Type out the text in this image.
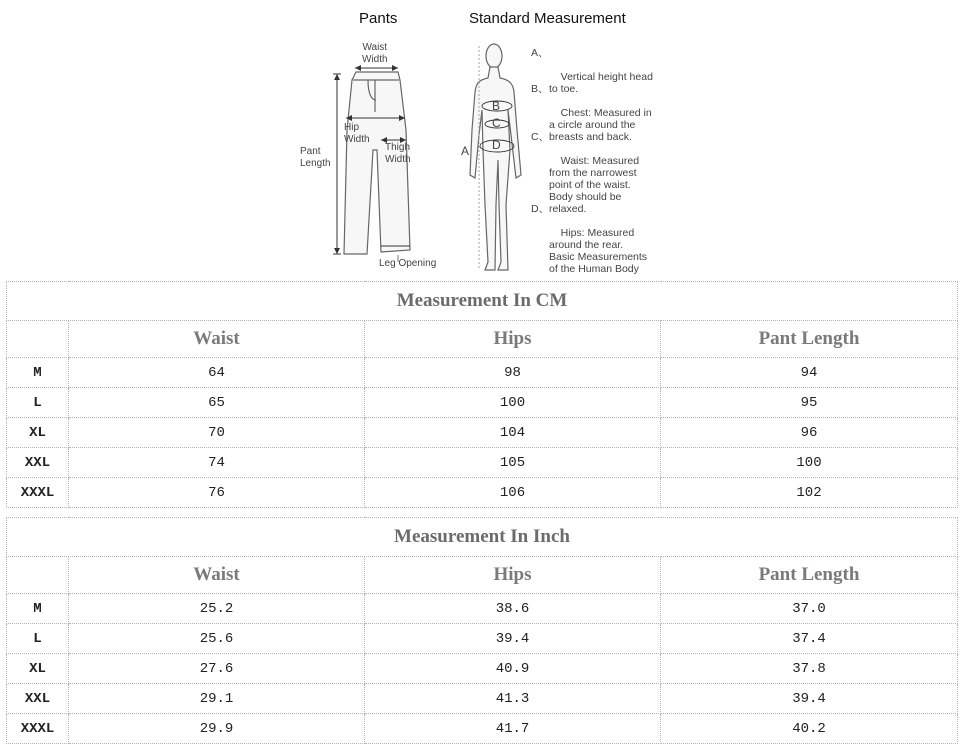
Pants	Standard Measurement
Waist
Width
Hip
Width
Thigh
Width
Pant
Length
Leg Opening
A
B
C
D

A、

Vertical height head
to toe.

B、

Chest: Measured in
a circle around the
breasts and back.

C、

Waist: Measured
from the narrowest
point of the waist.
Body should be
relaxed.

D、

Hips: Measured
around the rear.
Basic Measurements
of the Human Body

Measurement In CM			
	Waist	Hips	Pant Length
M	64	98	94
L	65	100	95
XL	70	104	96
XXL	74	105	100
XXXL	76	106	102
Measurement In Inch			
	Waist	Hips	Pant Length
M	25.2	38.6	37.0
L	25.6	39.4	37.4
XL	27.6	40.9	37.8
XXL	29.1	41.3	39.4
XXXL	29.9	41.7	40.2
